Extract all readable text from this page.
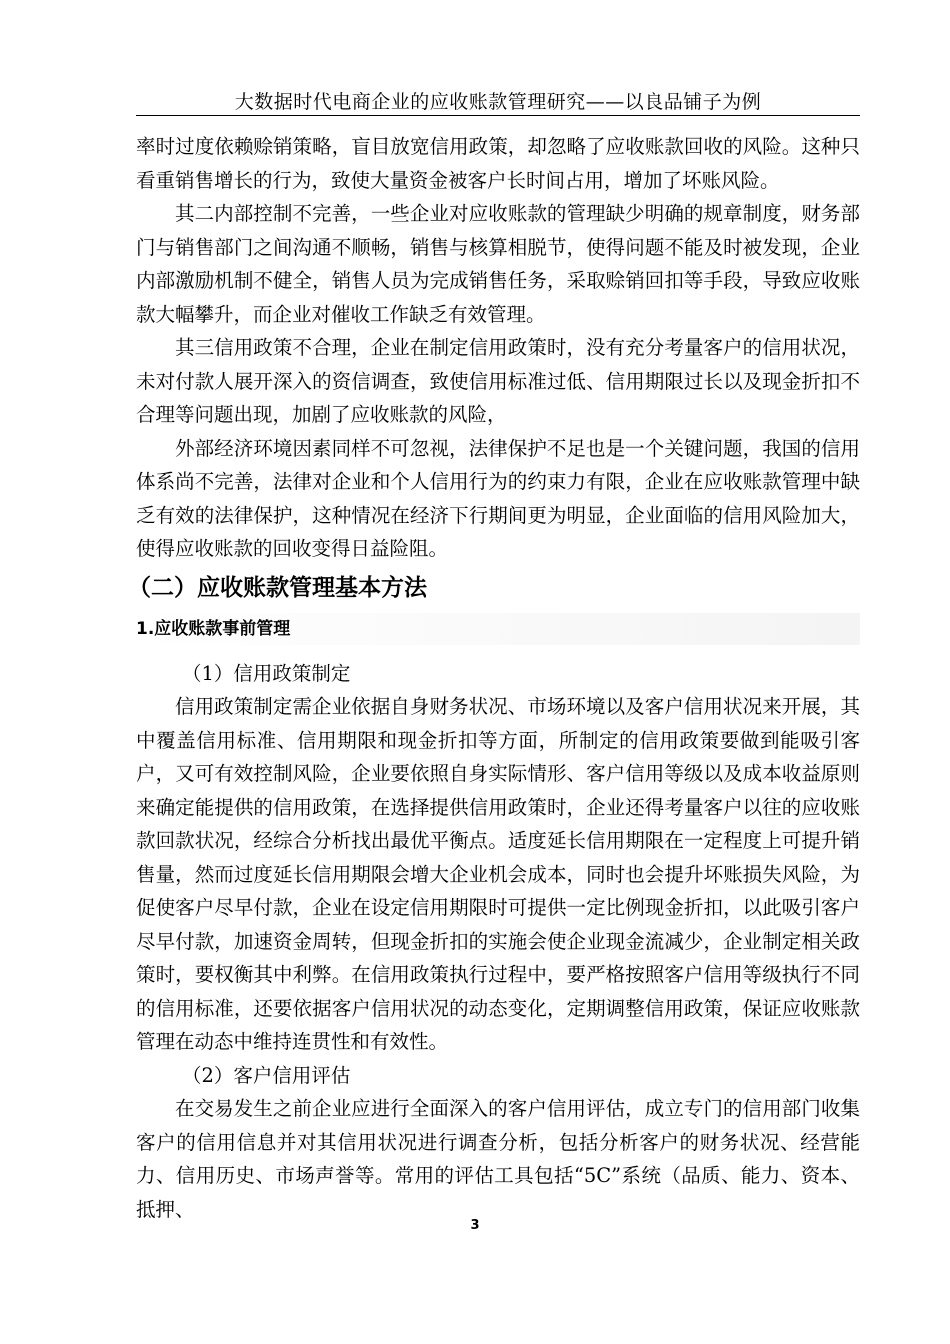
大数据时代电商企业的应收账款管理研究——以良品铺子为例

率时过度依赖赊销策略，盲目放宽信用政策，却忽略了应收账款回收的风险。这种只看重销售增长的行为，致使大量资金被客户长时间占用，增加了坏账风险。

其二内部控制不完善，一些企业对应收账款的管理缺少明确的规章制度，财务部门与销售部门之间沟通不顺畅，销售与核算相脱节，使得问题不能及时被发现，企业内部激励机制不健全，销售人员为完成销售任务，采取赊销回扣等手段，导致应收账款大幅攀升，而企业对催收工作缺乏有效管理。

其三信用政策不合理，企业在制定信用政策时，没有充分考量客户的信用状况，未对付款人展开深入的资信调查，致使信用标准过低、信用期限过长以及现金折扣不合理等问题出现，加剧了应收账款的风险，

外部经济环境因素同样不可忽视，法律保护不足也是一个关键问题，我国的信用体系尚不完善，法律对企业和个人信用行为的约束力有限，企业在应收账款管理中缺乏有效的法律保护，这种情况在经济下行期间更为明显，企业面临的信用风险加大，使得应收账款的回收变得日益险阻。

（二）应收账款管理基本方法
1.应收账款事前管理

（1）信用政策制定

信用政策制定需企业依据自身财务状况、市场环境以及客户信用状况来开展，其中覆盖信用标准、信用期限和现金折扣等方面，所制定的信用政策要做到能吸引客户，又可有效控制风险，企业要依照自身实际情形、客户信用等级以及成本收益原则来确定能提供的信用政策，在选择提供信用政策时，企业还得考量客户以往的应收账款回款状况，经综合分析找出最优平衡点。适度延长信用期限在一定程度上可提升销售量，然而过度延长信用期限会增大企业机会成本，同时也会提升坏账损失风险，为促使客户尽早付款，企业在设定信用期限时可提供一定比例现金折扣，以此吸引客户尽早付款，加速资金周转，但现金折扣的实施会使企业现金流减少，企业制定相关政策时，要权衡其中利弊。在信用政策执行过程中，要严格按照客户信用等级执行不同的信用标准，还要依据客户信用状况的动态变化，定期调整信用政策，保证应收账款管理在动态中维持连贯性和有效性。

（2）客户信用评估

在交易发生之前企业应进行全面深入的客户信用评估，成立专门的信用部门收集客户的信用信息并对其信用状况进行调查分析，包括分析客户的财务状况、经营能力、信用历史、市场声誉等。常用的评估工具包括“5C”系统（品质、能力、资本、抵押、

3
